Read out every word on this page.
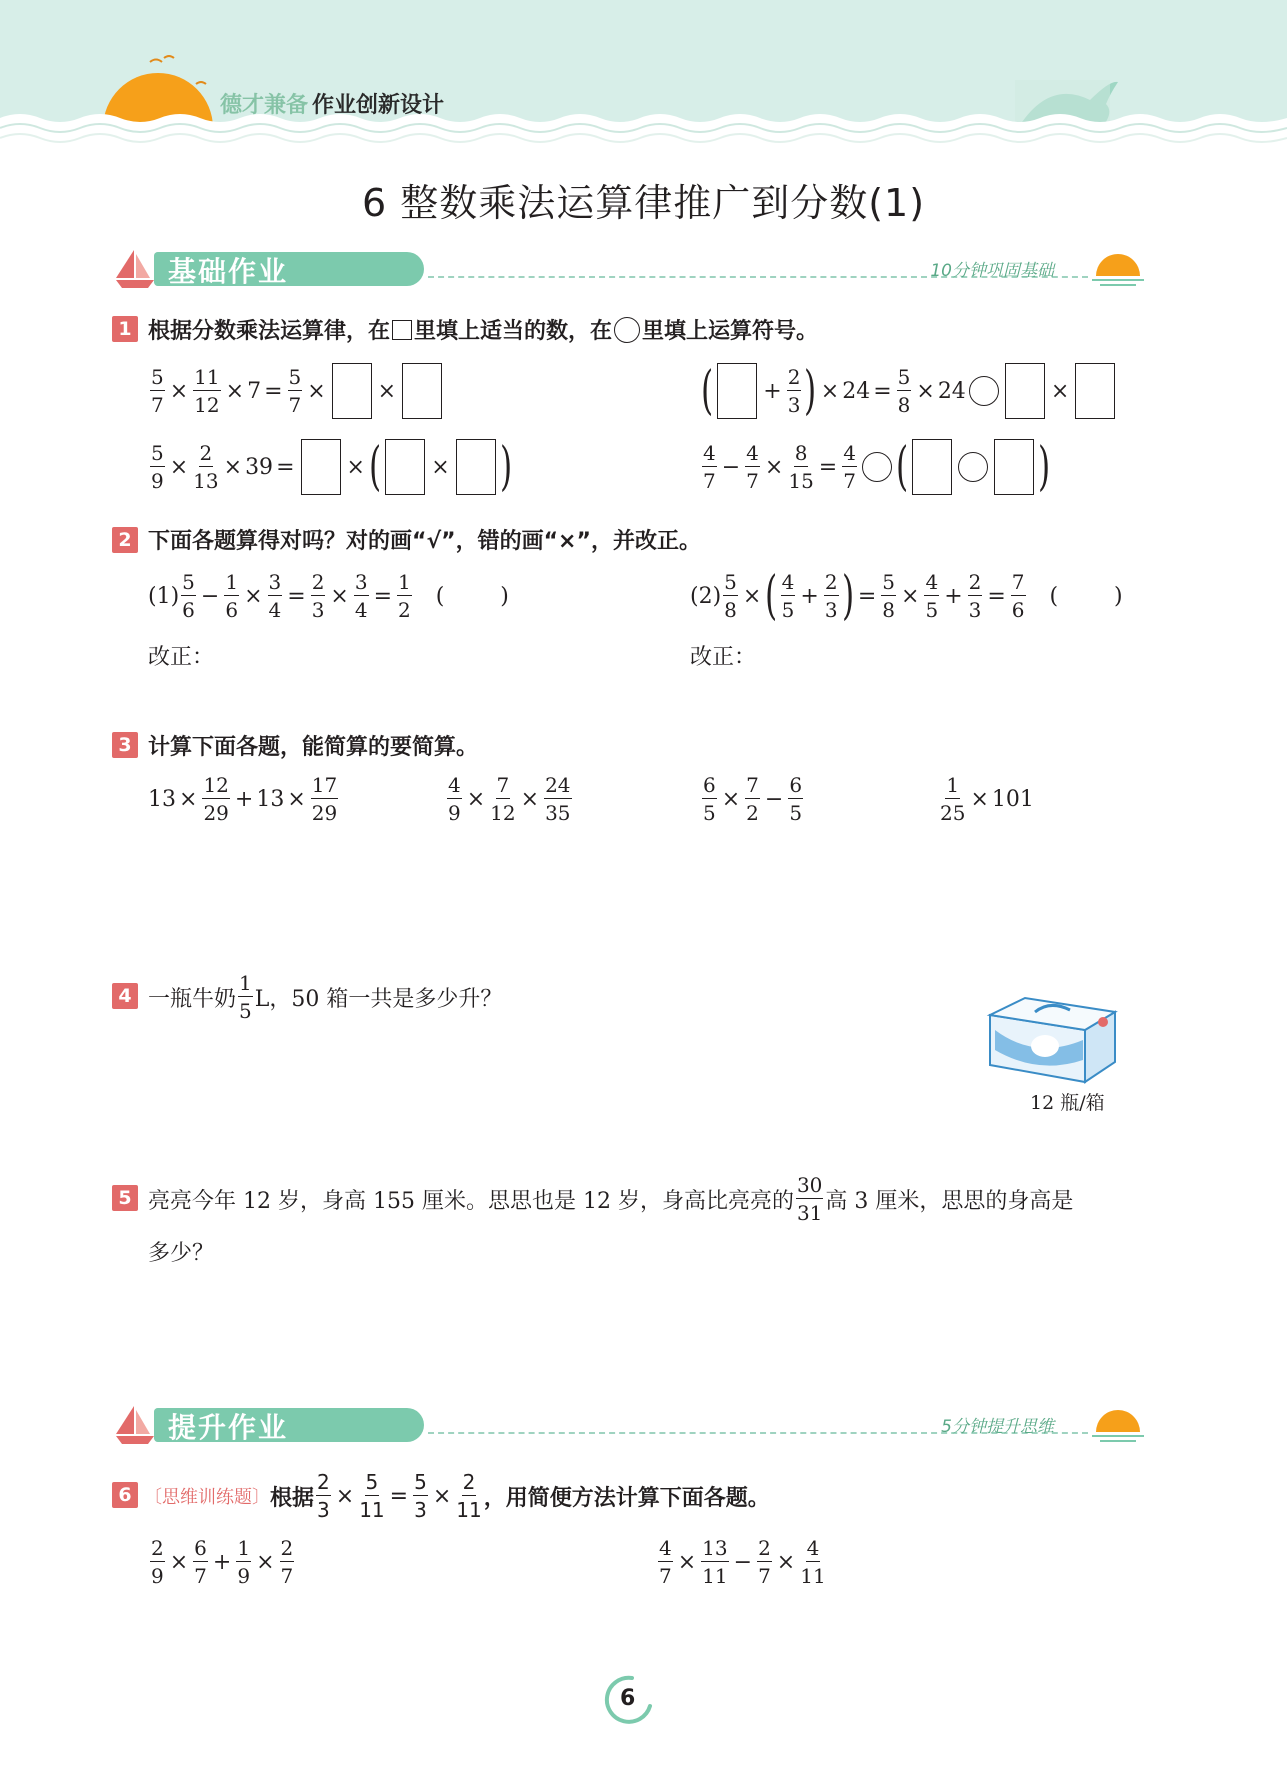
德才兼备 作业创新设计
6 整数乘法运算律推广到分数(1)
基础作业	10分钟巩固基础
1 根据分数乘法运算律，在 里填上适当的数，在 里填上运算符号。
$\frac{5}{7} \times \frac{11}{12} \times 7 = \frac{5}{7}$ × ×	( + $\frac{2}{3}$ ) × $24 = \frac{5}{8} \times 24$	×
$\frac{5}{9} \times \frac{2}{13} \times 39$ = × ( × )	$\frac{4}{7} - \frac{4}{7} \times \frac{8}{15} = \frac{4}{7}$ (	)
2 下面各题算得对吗？对的画“√”，错的画“×”，并改正。
$(1) \frac{5}{6} - \frac{1}{6} \times \frac{3}{4} = \frac{2}{3} \times \frac{3}{4} = \frac{1}{2}$ (        )	$(2) \frac{5}{8}$ × ( $\frac{4}{5} + \frac{2}{3}$ ) = $\frac{5}{8} \times \frac{4}{5} + \frac{2}{3} = \frac{7}{6}$ (        )
改正：	改正：
3 计算下面各题，能简算的要简算。
$13 \times \frac{12}{29} + 13 \times \frac{17}{29}$	$\frac{4}{9} \times \frac{7}{12} \times \frac{24}{35}$	$\frac{6}{5} \times \frac{7}{2} - \frac{6}{5}$	$\frac{1}{25} \times 101$
4 一瓶牛奶 $\frac{1}{5}$ L，50 箱一共是多少升？
12 瓶/箱
5 亮亮今年 12 岁，身高 155 厘米。思思也是 12 岁，身高比亮亮的 $\frac{30}{31}$ 高 3 厘米，思思的身高是
多少？
提升作业	5分钟提升思维
6 〔思维训练题〕 根据 $\frac{2}{3} \times \frac{5}{11} = \frac{5}{3} \times \frac{2}{11}$ ，用简便方法计算下面各题。
$\frac{2}{9} \times \frac{6}{7} + \frac{1}{9} \times \frac{2}{7}$	$\frac{4}{7} \times \frac{13}{11} - \frac{2}{7} \times \frac{4}{11}$
6
